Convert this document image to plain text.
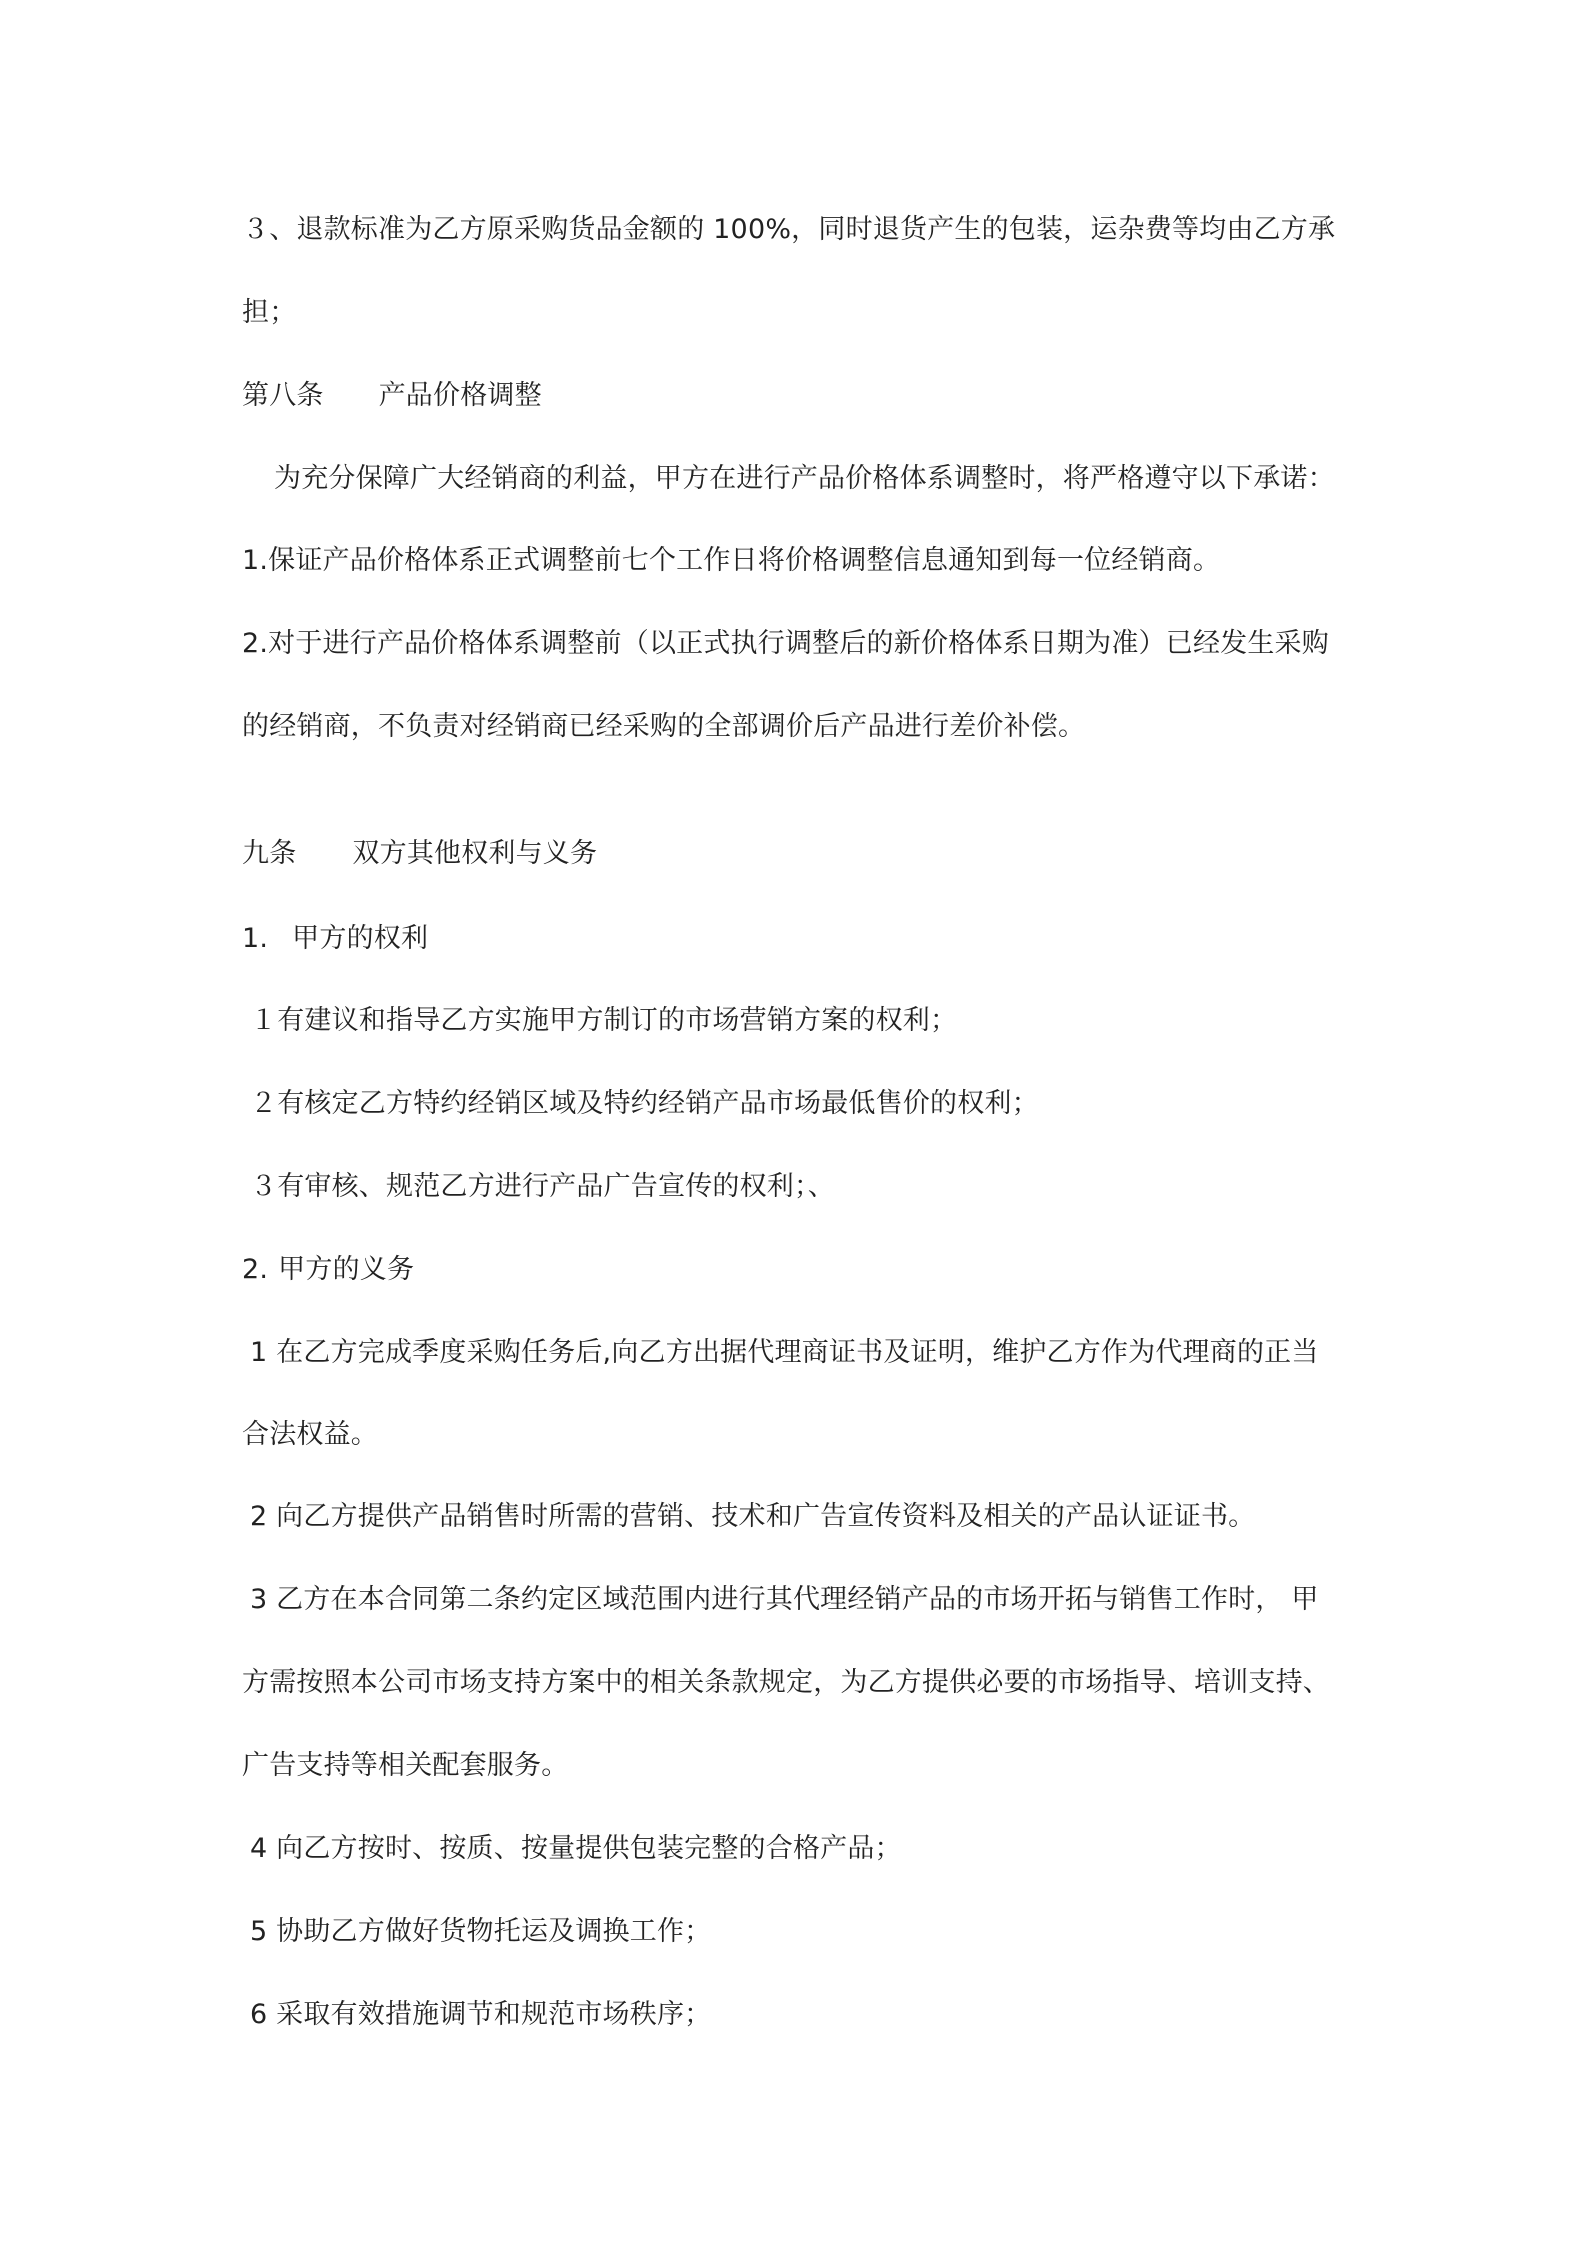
３、退款标准为乙方原采购货品金额的 100%，同时退货产生的包装，运杂费等均由乙方承
担；
第八条 产品价格调整
为充分保障广大经销商的利益，甲方在进行产品价格体系调整时，将严格遵守以下承诺：
1.保证产品价格体系正式调整前七个工作日将价格调整信息通知到每一位经销商。
2.对于进行产品价格体系调整前（以正式执行调整后的新价格体系日期为准）已经发生采购
的经销商，不负责对经销商已经采购的全部调价后产品进行差价补偿。
九条 双方其他权利与义务
1. 甲方的权利
１有建议和指导乙方实施甲方制订的市场营销方案的权利；
２有核定乙方特约经销区域及特约经销产品市场最低售价的权利；
３有审核、规范乙方进行产品广告宣传的权利；、
2. 甲方的义务
1 在乙方完成季度采购任务后,向乙方出据代理商证书及证明，维护乙方作为代理商的正当
合法权益。
2 向乙方提供产品销售时所需的营销、技术和广告宣传资料及相关的产品认证证书。
3 乙方在本合同第二条约定区域范围内进行其代理经销产品的市场开拓与销售工作时， 甲
方需按照本公司市场支持方案中的相关条款规定，为乙方提供必要的市场指导、培训支持、
广告支持等相关配套服务。
4 向乙方按时、按质、按量提供包装完整的合格产品；
5 协助乙方做好货物托运及调换工作；
6 采取有效措施调节和规范市场秩序；
